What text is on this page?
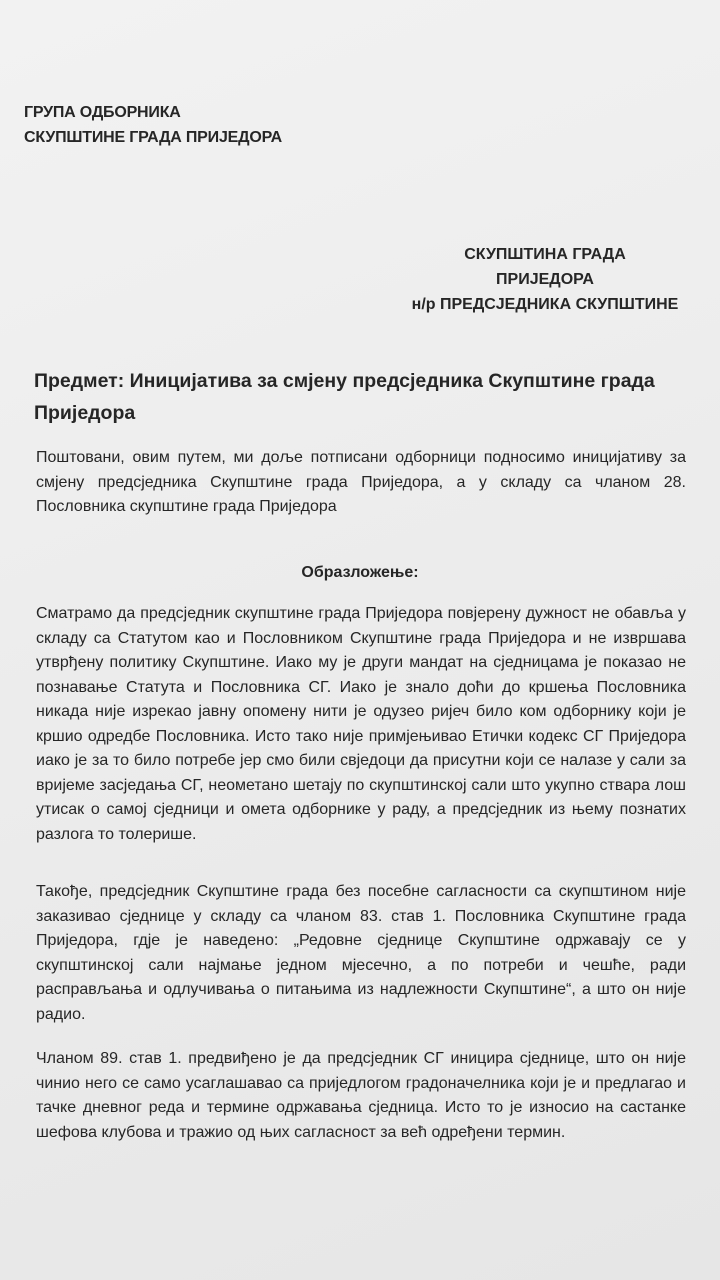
ГРУПА ОДБОРНИКА
СКУПШТИНЕ ГРАДА ПРИЈЕДОРА
СКУПШТИНА ГРАДА
ПРИЈЕДОРА
н/р ПРЕДСЈЕДНИКА СКУПШТИНЕ
Предмет: Иницијатива за смјену предсједника Скупштине града Приједора
Поштовани, овим путем, ми доље потписани одборници подносимо иницијативу за смјену предсједника Скупштине града Приједора, а у складу са чланом 28. Пословника скупштине града Приједора
Образложење:
Сматрамо да предсједник скупштине града Приједора повјерену дужност не обавља у складу са Статутом као и Пословником Скупштине града Приједора и не извршава утврђену политику Скупштине. Иако му је други мандат на сједницама је показао не познавање Статута и Пословника СГ. Иако је знало доћи до кршења Пословника никада није изрекао јавну опомену нити је одузео ријеч било ком одборнику који је кршио одредбе Пословника. Исто тако није примјењивао Етички кодекс СГ Приједора иако је за то било потребе јер смо били свједоци да присутни који се налазе у сали за вријеме засједања СГ, неометано шетају по скупштинској сали што укупно ствара лош утисак о самој сједници и омета одборнике у раду, а предсједник из њему познатих разлога то толерише.
Такође, предсједник Скупштине града без посебне сагласности са скупштином није заказивао сједнице у складу са чланом 83. став 1. Пословника Скупштине града Приједора, гдје је наведено: „Редовне сједнице Скупштине одржавају се у скупштинској сали најмање једном мјесечно, а по потреби и чешће, ради расправљања и одлучивања о питањима из надлежности Скупштине“, а што он није радио.
Чланом 89. став 1. предвиђено је да предсједник СГ иницира сједнице, што он није чинио него се само усаглашавао са приједлогом градоначелника који је и предлагао и тачке дневног реда и термине одржавања сједница. Исто то је износио на састанке шефова клубова и тражио од њих сагласност за већ одређени термин.
